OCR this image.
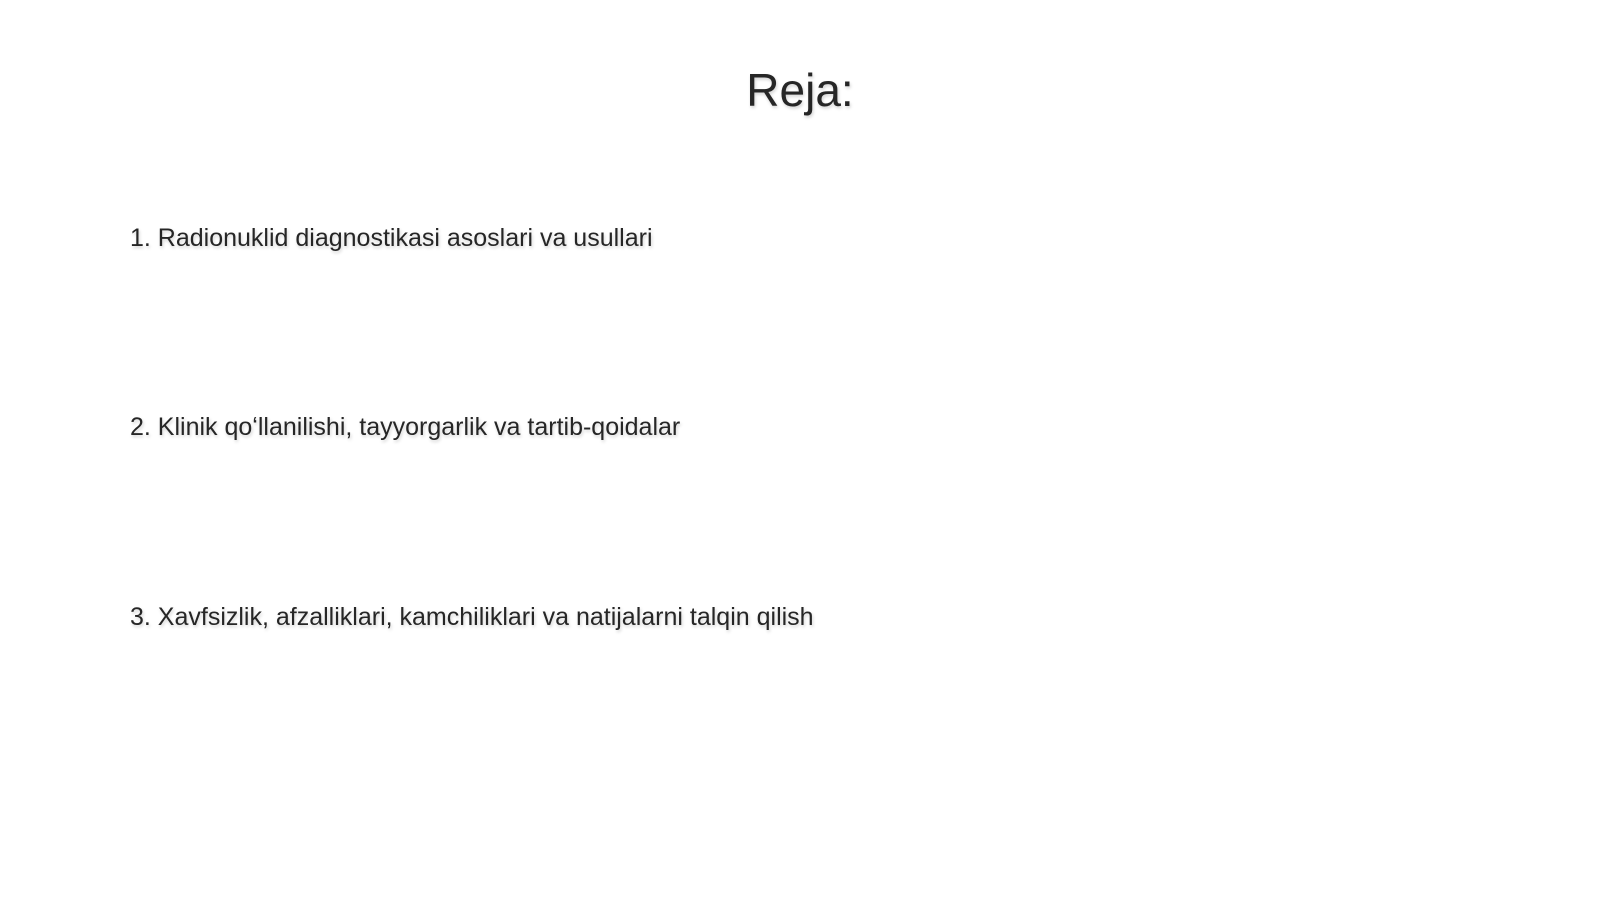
Reja:

1. Radionuklid diagnostikasi asoslari va usullari

2. Klinik qoʻllanilishi, tayyorgarlik va tartib-qoidalar

3. Xavfsizlik, afzalliklari, kamchiliklari va natijalarni talqin qilish
